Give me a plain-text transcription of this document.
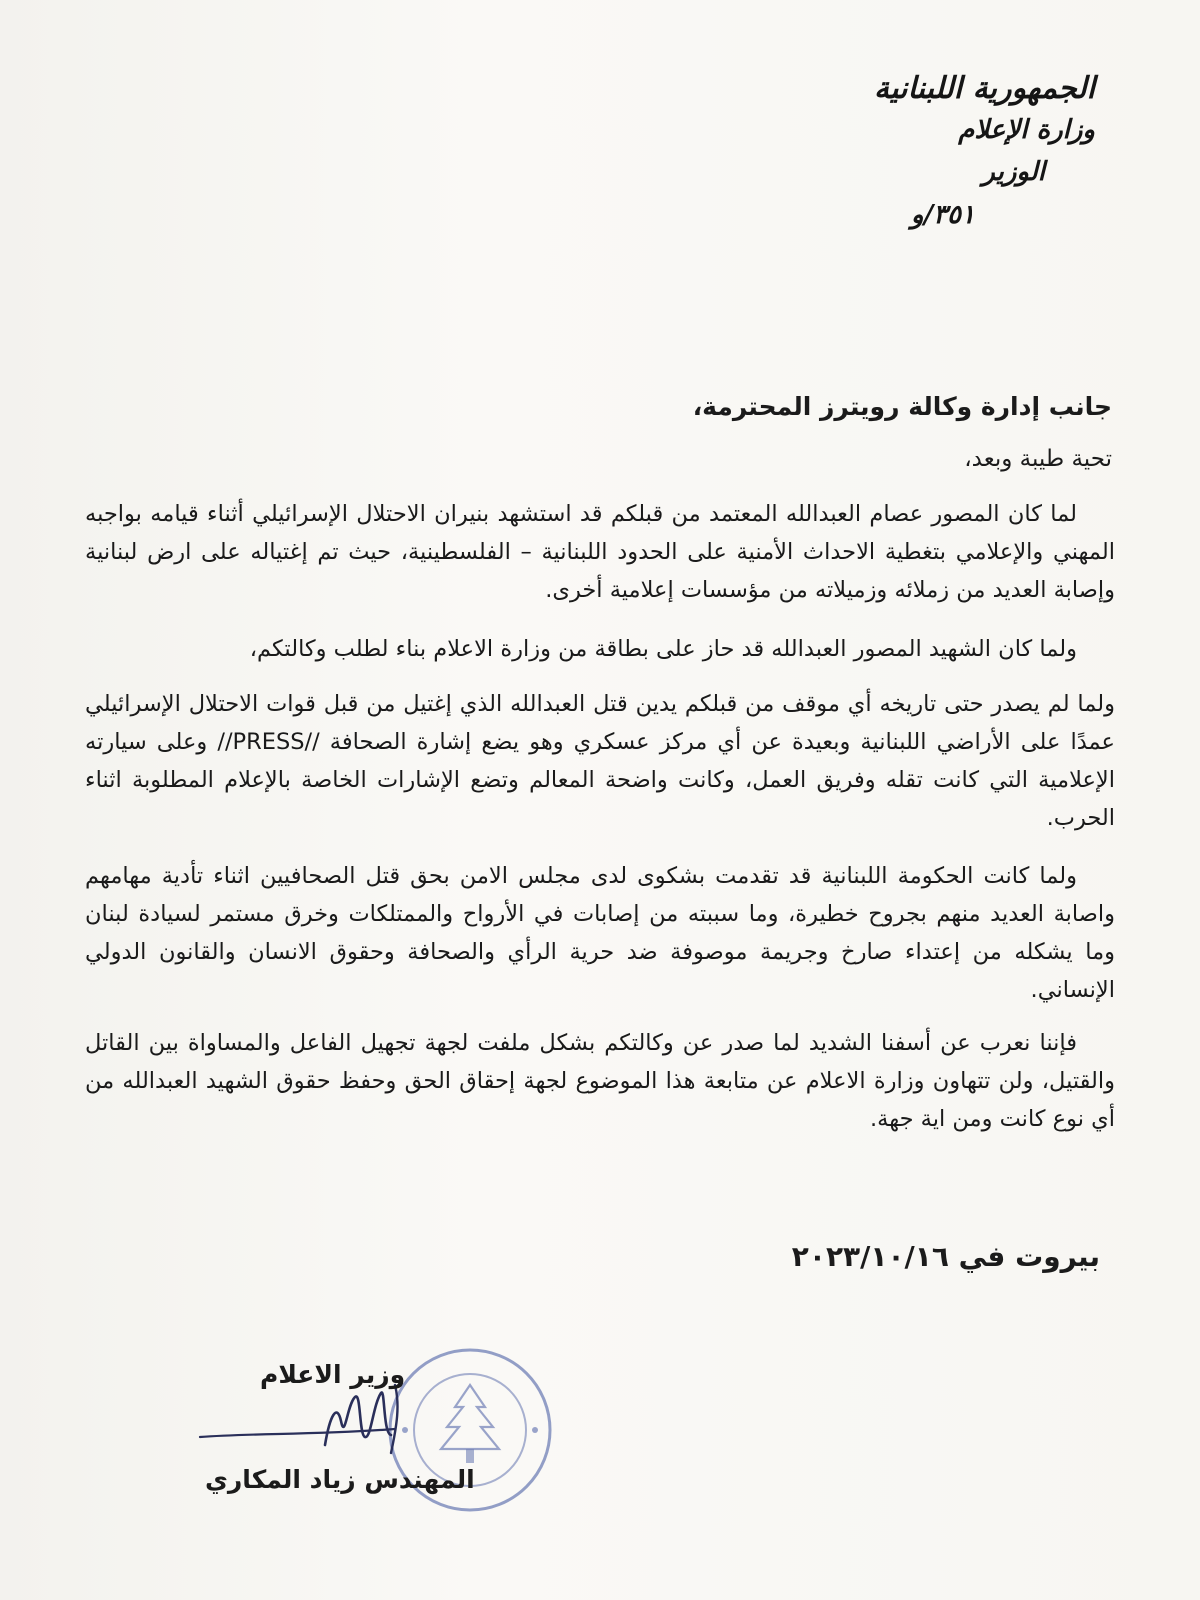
الجمهورية اللبنانية
وزارة الإعلام
الوزير
٣٥١/و
جانب إدارة وكالة رويترز المحترمة،
تحية طيبة وبعد،

لما كان المصور عصام العبدالله المعتمد من قبلكم قد استشهد بنيران الاحتلال الإسرائيلي أثناء قيامه بواجبه المهني والإعلامي بتغطية الاحداث الأمنية على الحدود اللبنانية – الفلسطينية، حيث تم إغتياله على ارض لبنانية وإصابة العديد من زملائه وزميلاته من مؤسسات إعلامية أخرى.

ولما كان الشهيد المصور العبدالله قد حاز على بطاقة من وزارة الاعلام بناء لطلب وكالتكم،

ولما لم يصدر حتى تاريخه أي موقف من قبلكم يدين قتل العبدالله الذي إغتيل من قبل قوات الاحتلال الإسرائيلي عمدًا على الأراضي اللبنانية وبعيدة عن أي مركز عسكري وهو يضع إشارة الصحافة //PRESS// وعلى سيارته الإعلامية التي كانت تقله وفريق العمل، وكانت واضحة المعالم وتضع الإشارات الخاصة بالإعلام المطلوبة اثناء الحرب.

ولما كانت الحكومة اللبنانية قد تقدمت بشكوى لدى مجلس الامن بحق قتل الصحافيين اثناء تأدية مهامهم واصابة العديد منهم بجروح خطيرة، وما سببته من إصابات في الأرواح والممتلكات وخرق مستمر لسيادة لبنان وما يشكله من إعتداء صارخ وجريمة موصوفة ضد حرية الرأي والصحافة وحقوق الانسان والقانون الدولي الإنساني.

فإننا نعرب عن أسفنا الشديد لما صدر عن وكالتكم بشكل ملفت لجهة تجهيل الفاعل والمساواة بين القاتل والقتيل، ولن تتهاون وزارة الاعلام عن متابعة هذا الموضوع لجهة إحقاق الحق وحفظ حقوق الشهيد العبدالله من أي نوع كانت ومن اية جهة.

بيروت في ٢٠٢٣/١٠/١٦
وزير الاعلام
المهندس زياد المكاري
